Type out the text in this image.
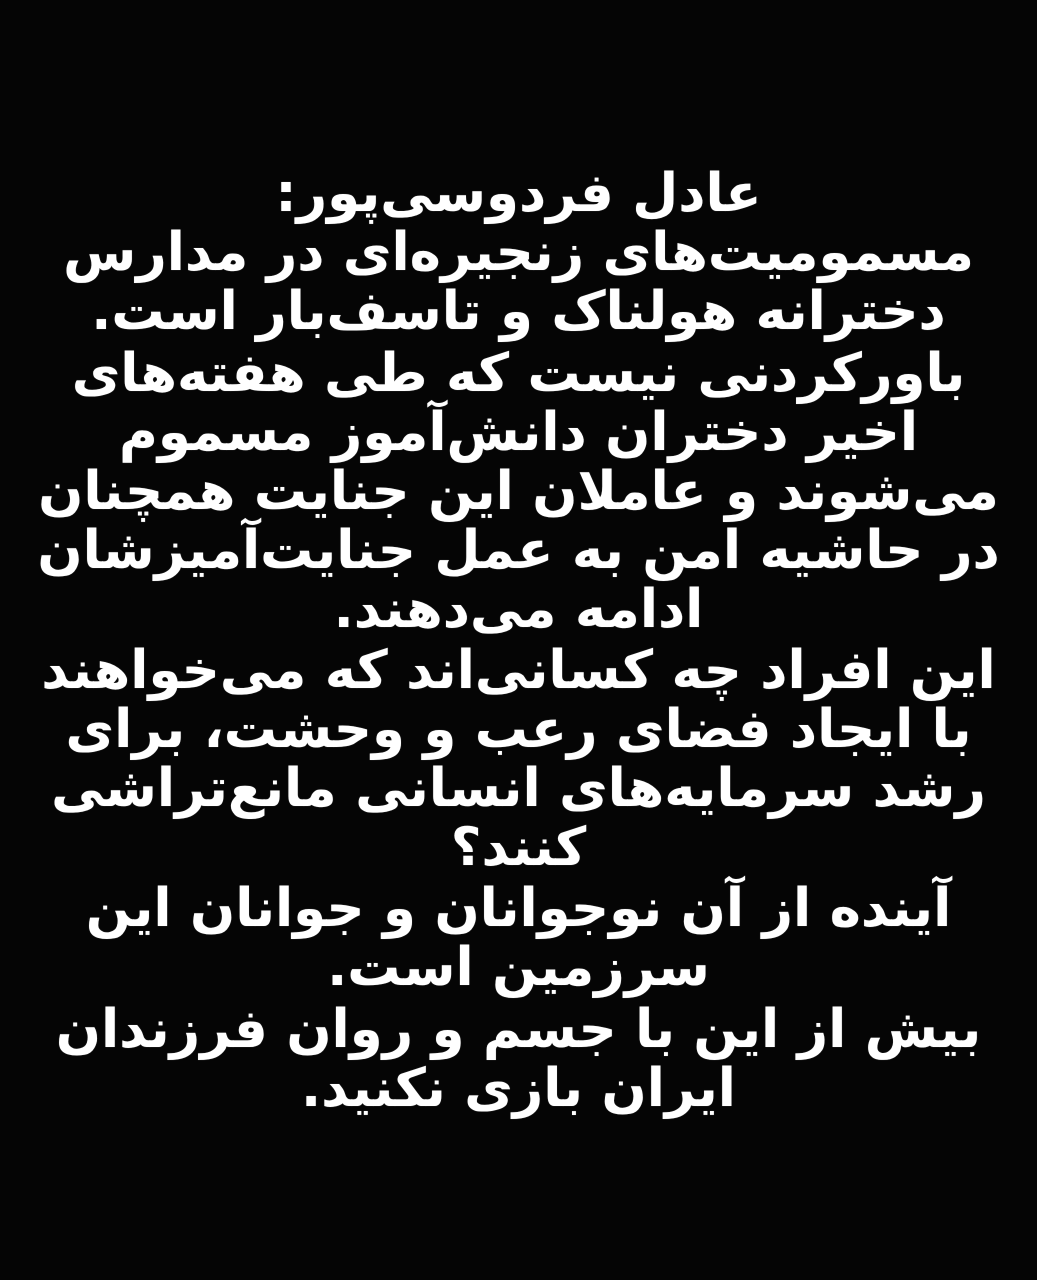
عادل فردوسی‌پور:

مسمومیت‌های زنجیره‌ای در مدارس دخترانه هولناک و تاسف‌بار است.

باورکردنی نیست که طی هفته‌های اخیر دختران دانش‌آموز مسموم می‌شوند و عاملان این جنایت همچنان در حاشیه امن به عمل جنایت‌آمیزشان ادامه می‌دهند.

این افراد چه کسانی‌اند که می‌خواهند با ایجاد فضای رعب و وحشت، برای رشد سرمایه‌های انسانی مانع‌تراشی کنند؟

آینده از آن نوجوانان و جوانان این سرزمین است.

بیش از این با جسم و روان فرزندان ایران بازی نکنید.
